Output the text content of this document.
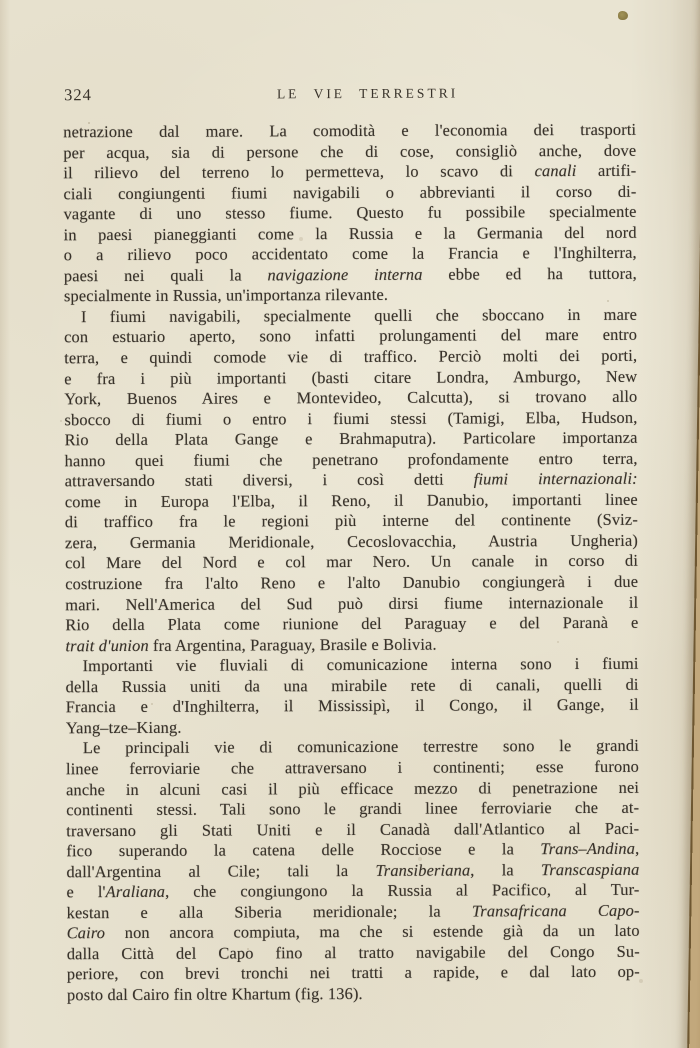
324	LE VIE TERRESTRI
netrazione dal mare. La comodità e l'economia dei trasporti
per acqua, sia di persone che di cose, consigliò anche, dove
il rilievo del terreno lo permetteva, lo scavo di canali artifi-
ciali congiungenti fiumi navigabili o abbrevianti il corso di-
vagante di uno stesso fiume. Questo fu possibile specialmente
in paesi pianeggianti come la Russia e la Germania del nord
o a rilievo poco accidentato come la Francia e l'Inghilterra,
paesi nei quali la navigazione interna ebbe ed ha tuttora,
specialmente in Russia, un'importanza rilevante.
I fiumi navigabili, specialmente quelli che sboccano in mare
con estuario aperto, sono infatti prolungamenti del mare entro
terra, e quindi comode vie di traffico. Perciò molti dei porti,
e fra i più importanti (basti citare Londra, Amburgo, New
York, Buenos Aires e Montevideo, Calcutta), si trovano allo
sbocco di fiumi o entro i fiumi stessi (Tamigi, Elba, Hudson,
Rio della Plata Gange e Brahmaputra). Particolare importanza
hanno quei fiumi che penetrano profondamente entro terra,
attraversando stati diversi, i così detti fiumi internazionali:
come in Europa l'Elba, il Reno, il Danubio, importanti linee
di traffico fra le regioni più interne del continente (Sviz-
zera, Germania Meridionale, Cecoslovacchia, Austria Ungheria)
col Mare del Nord e col mar Nero. Un canale in corso di
costruzione fra l'alto Reno e l'alto Danubio congiungerà i due
mari. Nell'America del Sud può dirsi fiume internazionale il
Rio della Plata come riunione del Paraguay e del Paranà e
trait d'union fra Argentina, Paraguay, Brasile e Bolivia.
Importanti vie fluviali di comunicazione interna sono i fiumi
della Russia uniti da una mirabile rete di canali, quelli di
Francia e d'Inghilterra, il Mississipì, il Congo, il Gange, il
Yang–tze–Kiang.
Le principali vie di comunicazione terrestre sono le grandi
linee ferroviarie che attraversano i continenti; esse furono
anche in alcuni casi il più efficace mezzo di penetrazione nei
continenti stessi. Tali sono le grandi linee ferroviarie che at-
traversano gli Stati Uniti e il Canadà dall'Atlantico al Paci-
fico superando la catena delle Rocciose e la Trans–Andina,
dall'Argentina al Cile; tali la Transiberiana, la Transcaspiana
e l'Araliana, che congiungono la Russia al Pacifico, al Tur-
kestan e alla Siberia meridionale; la Transafricana Capo-
Cairo non ancora compiuta, ma che si estende già da un lato
dalla Città del Capo fino al tratto navigabile del Congo Su-
periore, con brevi tronchi nei tratti a rapide, e dal lato op-
posto dal Cairo fin oltre Khartum (fig. 136).
